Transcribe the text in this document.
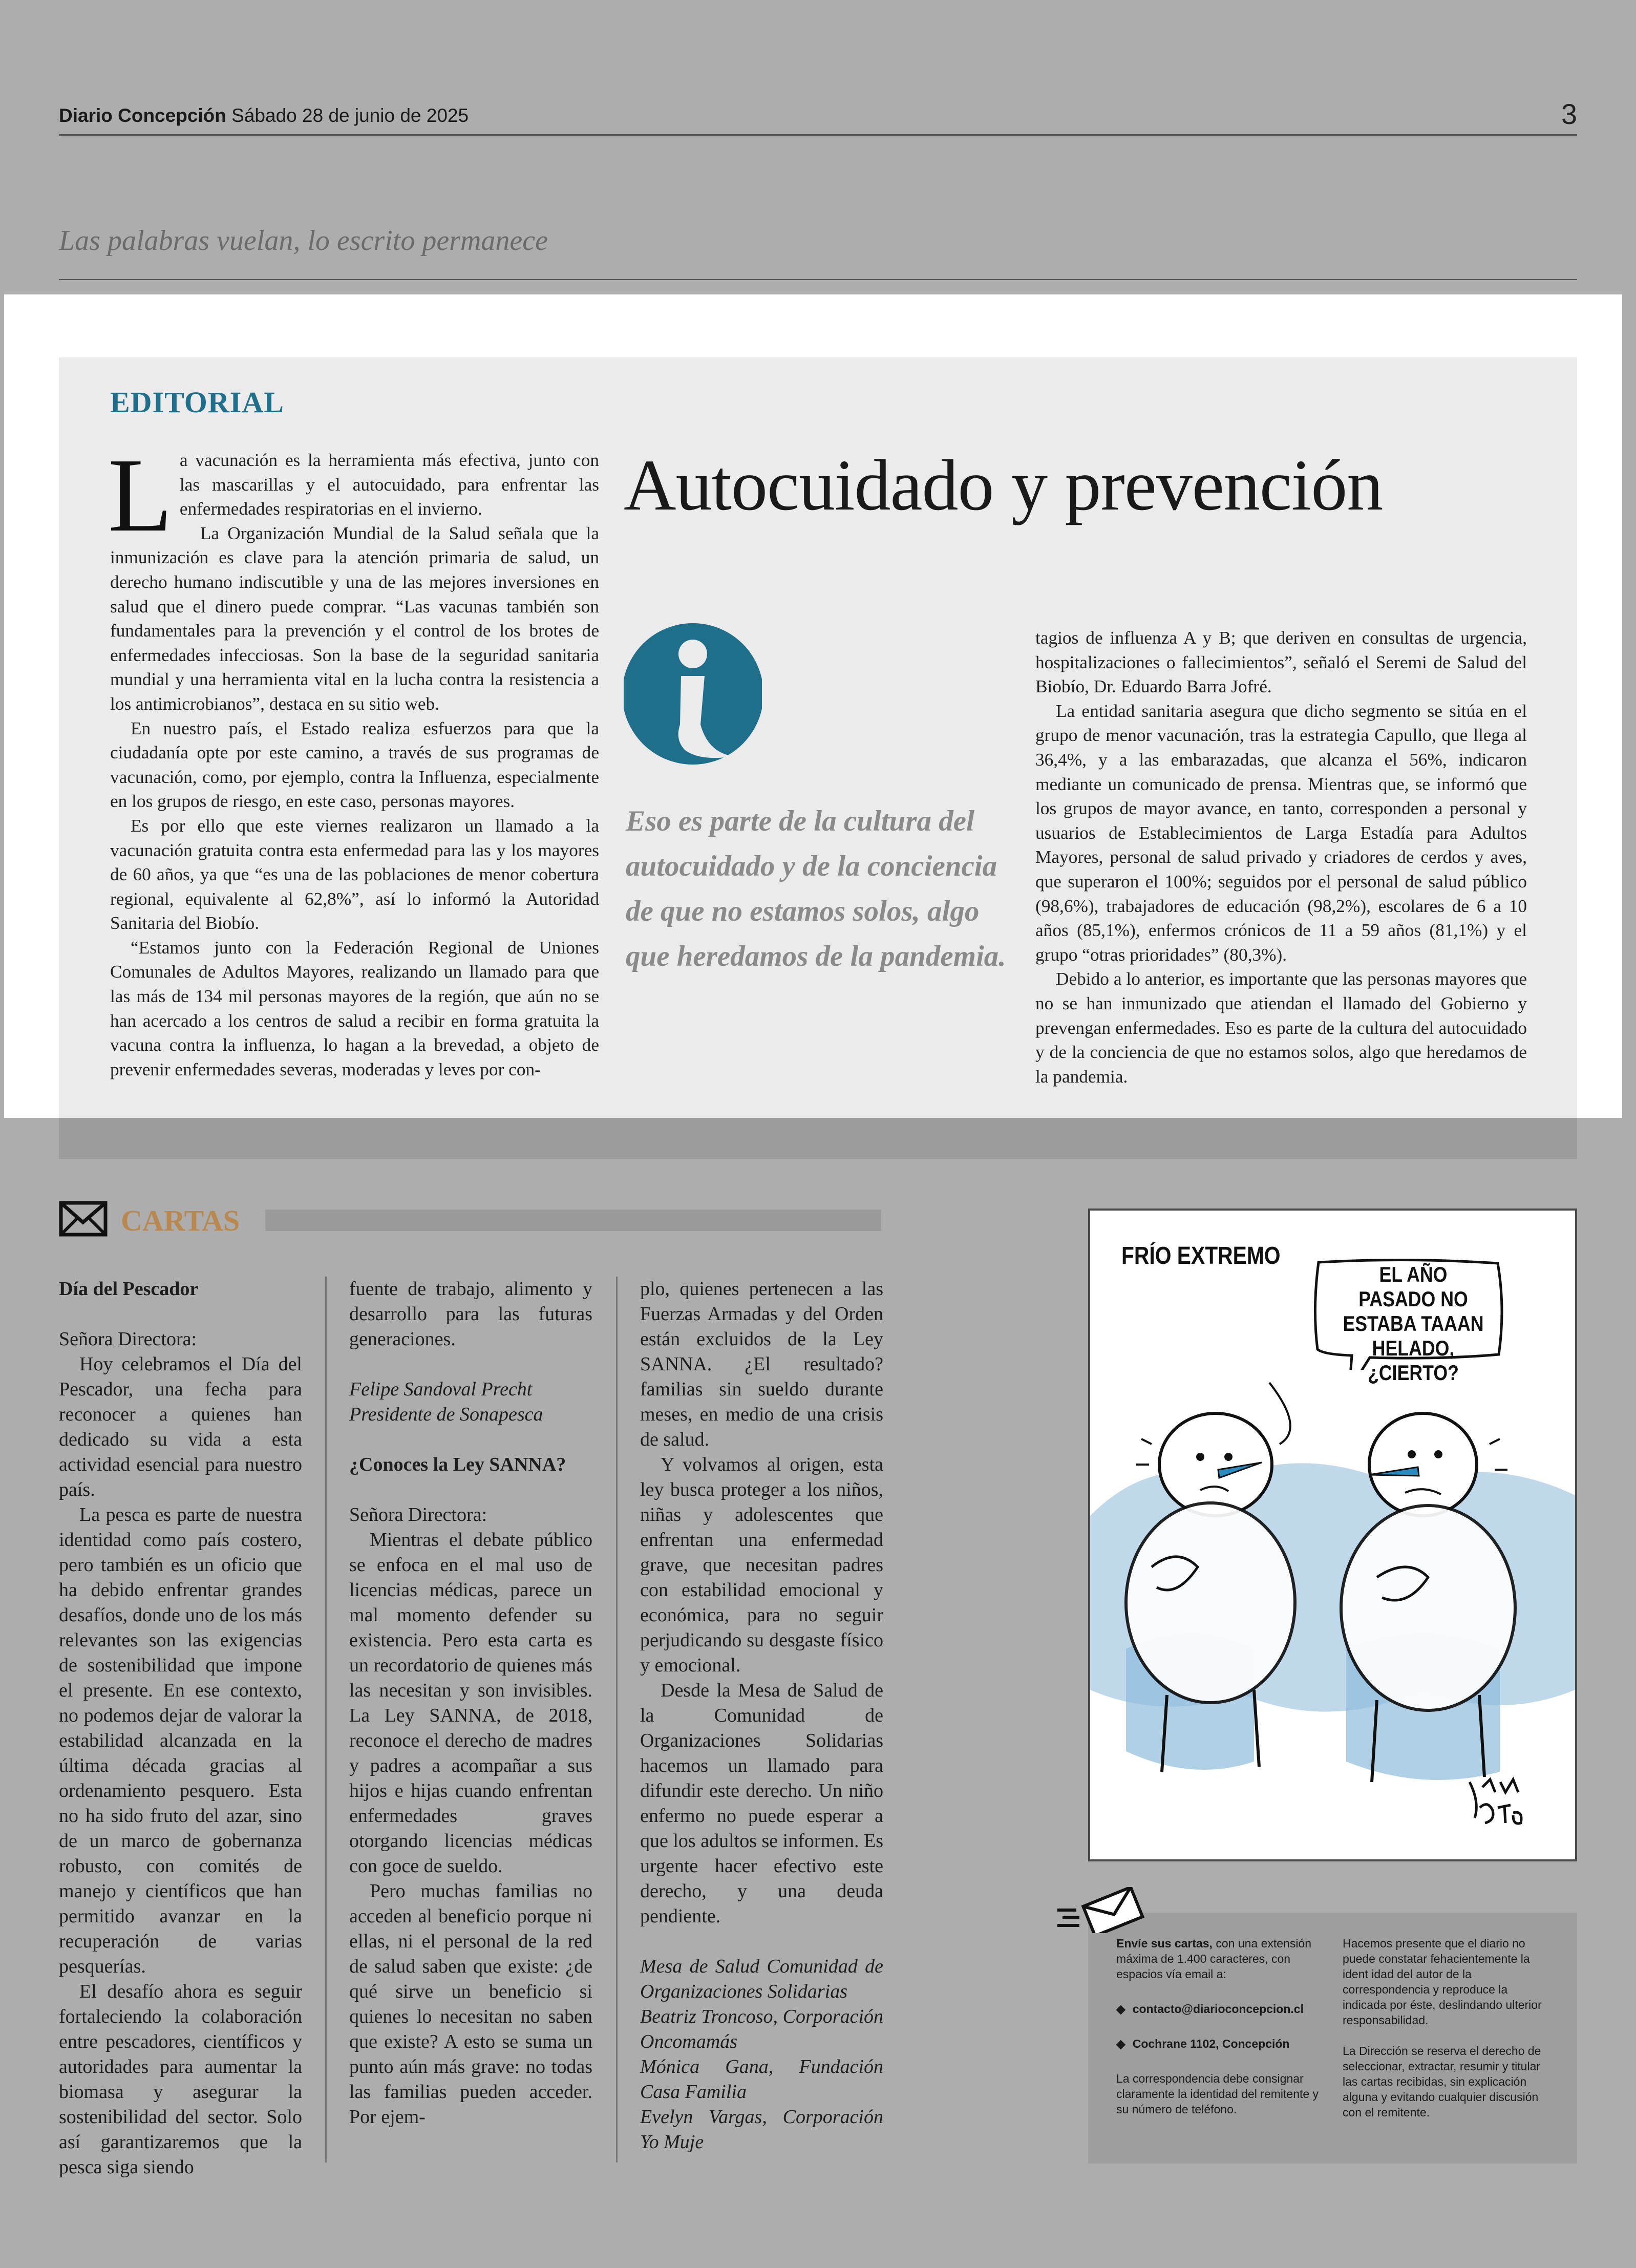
Diario Concepción Sábado 28 de junio de 2025	3
Las palabras vuelan, lo escrito permanece
EDITORIAL
Autocuidado y prevención

La vacunación es la herramienta más efectiva, junto con las mascarillas y el autocuidado, para enfrentar las enfermedades respiratorias en el invierno.

La Organización Mundial de la Salud señala que la inmunización es clave para la atención primaria de salud, un derecho humano indiscutible y una de las mejores inversiones en salud que el dinero puede comprar. “Las vacunas también son fundamentales para la prevención y el control de los brotes de enfermedades infecciosas. Son la base de la seguridad sanitaria mundial y una herramienta vital en la lucha contra la resistencia a los antimicrobianos”, destaca en su sitio web.

En nuestro país, el Estado realiza esfuerzos para que la ciudadanía opte por este camino, a través de sus programas de vacunación, como, por ejemplo, contra la Influenza, especialmente en los grupos de riesgo, en este caso, personas mayores.

Es por ello que este viernes realizaron un llamado a la vacunación gratuita contra esta enfermedad para las y los mayores de 60 años, ya que “es una de las poblaciones de menor cobertura regional, equivalente al 62,8%”, así lo informó la Autoridad Sanitaria del Biobío.

“Estamos junto con la Federación Regional de Uniones Comunales de Adultos Mayores, realizando un llamado para que las más de 134 mil personas mayores de la región, que aún no se han acercado a los centros de salud a recibir en forma gratuita la vacuna contra la influenza, lo hagan a la brevedad, a objeto de prevenir enfermedades severas, moderadas y leves por con-

Eso es parte de la cultura del autocuidado y de la conciencia de que no estamos solos, algo que heredamos de la pandemia.

tagios de influenza A y B; que deriven en consultas de urgencia, hospitalizaciones o fallecimientos”, señaló el Seremi de Salud del Biobío, Dr. Eduardo Barra Jofré.

La entidad sanitaria asegura que dicho segmento se sitúa en el grupo de menor vacunación, tras la estrategia Capullo, que llega al 36,4%, y a las embarazadas, que alcanza el 56%, indicaron mediante un comunicado de prensa. Mientras que, se informó que los grupos de mayor avance, en tanto, corresponden a personal y usuarios de Establecimientos de Larga Estadía para Adultos Mayores, personal de salud privado y criadores de cerdos y aves, que superaron el 100%; seguidos por el personal de salud público (98,6%), trabajadores de educación (98,2%), escolares de 6 a 10 años (85,1%), enfermos crónicos de 11 a 59 años (81,1%) y el grupo “otras prioridades” (80,3%).

Debido a lo anterior, es importante que las personas mayores que no se han inmunizado que atiendan el llamado del Gobierno y prevengan enfermedades. Eso es parte de la cultura del autocuidado y de la conciencia de que no estamos solos, algo que heredamos de la pandemia.

CARTAS

Día del Pescador

Señora Directora:

Hoy celebramos el Día del Pescador, una fecha para reconocer a quienes han dedicado su vida a esta actividad esencial para nuestro país.

La pesca es parte de nuestra identidad como país costero, pero también es un oficio que ha debido enfrentar grandes desafíos, donde uno de los más relevantes son las exigencias de sostenibilidad que impone el presente. En ese contexto, no podemos dejar de valorar la estabilidad alcanzada en la última década gracias al ordenamiento pesquero. Esta no ha sido fruto del azar, sino de un marco de gobernanza robusto, con comités de manejo y científicos que han permitido avanzar en la recuperación de varias pesquerías.

El desafío ahora es seguir fortaleciendo la colaboración entre pescadores, científicos y autoridades para aumentar la biomasa y asegurar la sostenibilidad del sector. Solo así garantizaremos que la pesca siga siendo

fuente de trabajo, alimento y desarrollo para las futuras generaciones.

Felipe Sandoval Precht

Presidente de Sonapesca

¿Conoces la Ley SANNA?

Señora Directora:

Mientras el debate público se enfoca en el mal uso de licencias médicas, parece un mal momento defender su existencia. Pero esta carta es un recordatorio de quienes más las necesitan y son invisibles. La Ley SANNA, de 2018, reconoce el derecho de madres y padres a acompañar a sus hijos e hijas cuando enfrentan enfermedades graves otorgando licencias médicas con goce de sueldo.

Pero muchas familias no acceden al beneficio porque ni ellas, ni el personal de la red de salud saben que existe: ¿de qué sirve un beneficio si quienes lo necesitan no saben que existe? A esto se suma un punto aún más grave: no todas las familias pueden acceder. Por ejem-

plo, quienes pertenecen a las Fuerzas Armadas y del Orden están excluidos de la Ley SANNA. ¿El resultado? familias sin sueldo durante meses, en medio de una crisis de salud.

Y volvamos al origen, esta ley busca proteger a los niños, niñas y adolescentes que enfrentan una enfermedad grave, que necesitan padres con estabilidad emocional y económica, para no seguir perjudicando su desgaste físico y emocional.

Desde la Mesa de Salud de la Comunidad de Organizaciones Solidarias hacemos un llamado para difundir este derecho. Un niño enfermo no puede esperar a que los adultos se informen. Es urgente hacer efectivo este derecho, y una deuda pendiente.

Mesa de Salud Comunidad de Organizaciones Solidarias

Beatriz Troncoso, Corporación Oncomamás

Mónica Gana, Fundación Casa Familia

Evelyn Vargas, Corporación Yo Muje

FRÍO EXTREMO
EL AÑO PASADO NO ESTABA TAAAN HELADO, ¿CIERTO?
Envíe sus cartas, con una extensión máxima de 1.400 caracteres, con espacios vía email a:
◆ contacto@diarioconcepcion.cl
◆ Cochrane 1102, Concepción
La correspondencia debe consignar claramente la identidad del remitente y su número de teléfono.
Hacemos presente que el diario no puede constatar fehacientemente la ident idad del autor de la correspondencia y reproduce la indicada por éste, deslindando ulterior responsabilidad.
La Dirección se reserva el derecho de seleccionar, extractar, resumir y titular las cartas recibidas, sin explicación alguna y evitando cualquier discusión con el remitente.
